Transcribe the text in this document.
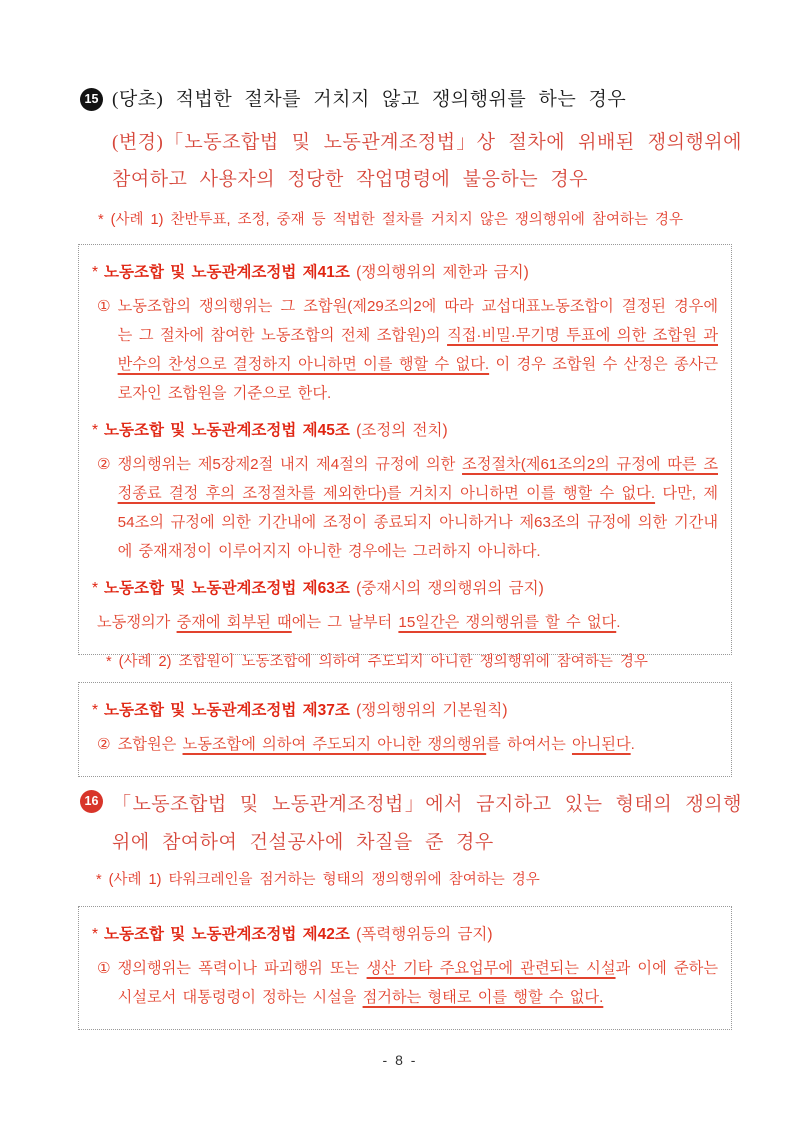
15 (당초) 적법한 절차를 거치지 않고 쟁의행위를 하는 경우
(변경)「노동조합법 및 노동관계조정법」상 절차에 위배된 쟁의행위에 참여하고 사용자의 정당한 작업명령에 불응하는 경우
* (사례 1) 찬반투표, 조정, 중재 등 적법한 절차를 거치지 않은 쟁의행위에 참여하는 경우
* 노동조합 및 노동관계조정법 제41조 (쟁의행위의 제한과 금지)
① 노동조합의 쟁의행위는 그 조합원(제29조의2에 따라 교섭대표노동조합이 결정된 경우에는 그 절차에 참여한 노동조합의 전체 조합원)의 직접·비밀·무기명 투표에 의한 조합원 과반수의 찬성으로 결정하지 아니하면 이를 행할 수 없다. 이 경우 조합원 수 산정은 종사근로자인 조합원을 기준으로 한다.
* 노동조합 및 노동관계조정법 제45조 (조정의 전치)
② 쟁의행위는 제5장제2절 내지 제4절의 규정에 의한 조정절차(제61조의2의 규정에 따른 조정종료 결정 후의 조정절차를 제외한다)를 거치지 아니하면 이를 행할 수 없다. 다만, 제54조의 규정에 의한 기간내에 조정이 종료되지 아니하거나 제63조의 규정에 의한 기간내에 중재재정이 이루어지지 아니한 경우에는 그러하지 아니하다.
* 노동조합 및 노동관계조정법 제63조 (중재시의 쟁의행위의 금지)
노동쟁의가 중재에 회부된 때에는 그 날부터 15일간은 쟁의행위를 할 수 없다.
* (사례 2) 조합원이 노동조합에 의하여 주도되지 아니한 쟁의행위에 참여하는 경우
* 노동조합 및 노동관계조정법 제37조 (쟁의행위의 기본원칙)
② 조합원은 노동조합에 의하여 주도되지 아니한 쟁의행위를 하여서는 아니된다.
16 「노동조합법 및 노동관계조정법」에서 금지하고 있는 형태의 쟁의행위에 참여하여 건설공사에 차질을 준 경우
* (사례 1) 타워크레인을 점거하는 형태의 쟁의행위에 참여하는 경우
* 노동조합 및 노동관계조정법 제42조 (폭력행위등의 금지)
① 쟁의행위는 폭력이나 파괴행위 또는 생산 기타 주요업무에 관련되는 시설과 이에 준하는 시설로서 대통령령이 정하는 시설을 점거하는 형태로 이를 행할 수 없다.
- 8 -
